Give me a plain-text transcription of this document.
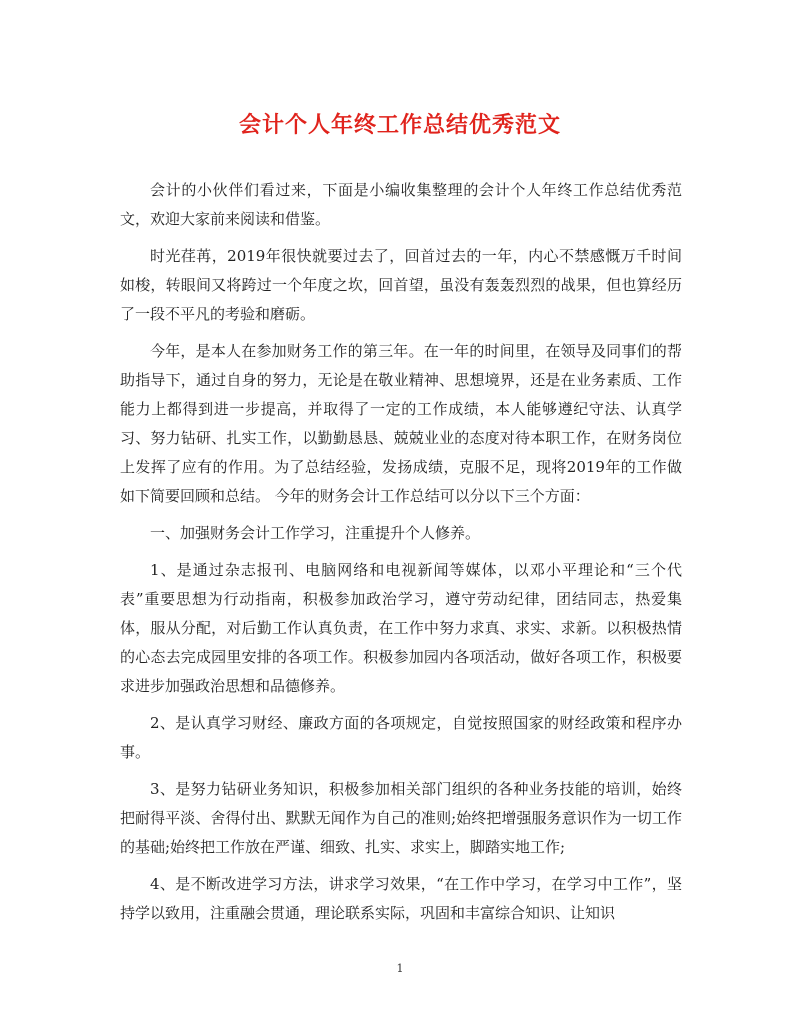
会计个人年终工作总结优秀范文

会计的小伙伴们看过来，下面是小编收集整理的会计个人年终工作总结优秀范文，欢迎大家前来阅读和借鉴。

时光荏苒，2019年很快就要过去了，回首过去的一年，内心不禁感慨万千时间如梭，转眼间又将跨过一个年度之坎，回首望，虽没有轰轰烈烈的战果，但也算经历了一段不平凡的考验和磨砺。

今年，是本人在参加财务工作的第三年。在一年的时间里，在领导及同事们的帮助指导下，通过自身的努力，无论是在敬业精神、思想境界，还是在业务素质、工作能力上都得到进一步提高，并取得了一定的工作成绩，本人能够遵纪守法、认真学习、努力钻研、扎实工作，以勤勤恳恳、兢兢业业的态度对待本职工作，在财务岗位上发挥了应有的作用。为了总结经验，发扬成绩，克服不足，现将2019年的工作做如下简要回顾和总结。 今年的财务会计工作总结可以分以下三个方面：

一、加强财务会计工作学习，注重提升个人修养。

1、是通过杂志报刊、电脑网络和电视新闻等媒体，以邓小平理论和“三个代表”重要思想为行动指南，积极参加政治学习，遵守劳动纪律，团结同志，热爱集体，服从分配，对后勤工作认真负责，在工作中努力求真、求实、求新。以积极热情的心态去完成园里安排的各项工作。积极参加园内各项活动，做好各项工作，积极要求进步加强政治思想和品德修养。

2、是认真学习财经、廉政方面的各项规定，自觉按照国家的财经政策和程序办事。

3、是努力钻研业务知识，积极参加相关部门组织的各种业务技能的培训，始终把耐得平淡、舍得付出、默默无闻作为自己的准则;始终把增强服务意识作为一切工作的基础;始终把工作放在严谨、细致、扎实、求实上，脚踏实地工作;

4、是不断改进学习方法，讲求学习效果，“在工作中学习，在学习中工作”，坚持学以致用，注重融会贯通，理论联系实际，巩固和丰富综合知识、让知识

1
